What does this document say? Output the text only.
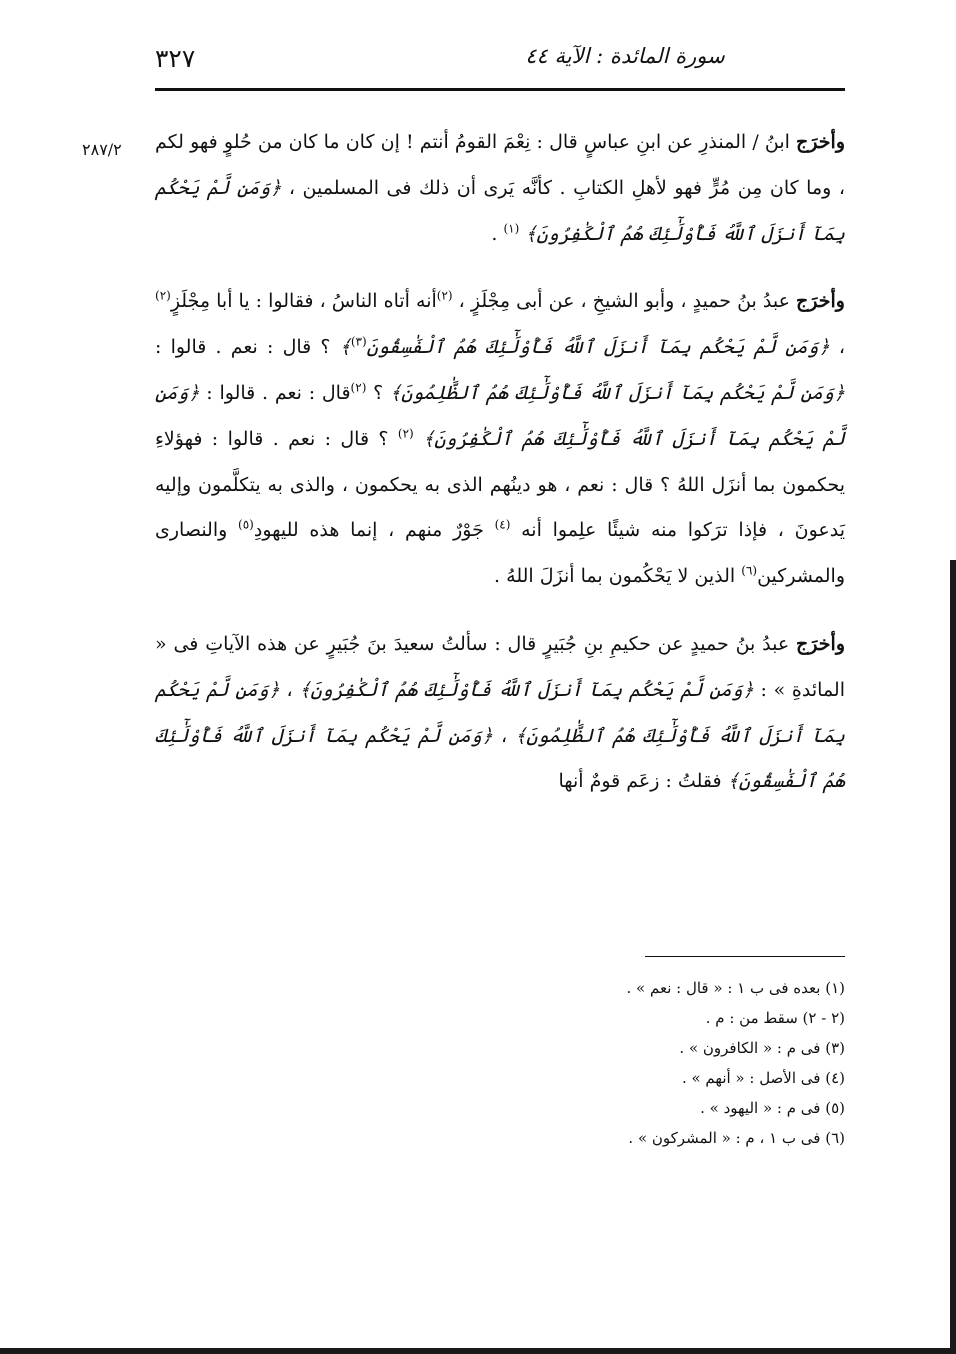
٣٢٧	سورة المائدة : الآية ٤٤
٢٨٧/٢	وأخرَج ابنُ / المنذرِ عن ابنِ عباسٍ قال : نِعْمَ القومُ أنتم ! إن كان ما كان من حُلوٍ فهو لكم ، وما كان مِن مُرٍّ فهو لأهلِ الكتابِ . كأنَّه يَرى أن ذلك فى المسلمين ، ﴿وَمَن لَّمْ يَحْكُم بِمَآ أَنزَلَ ٱللَّهُ فَأُوْلَٰٓئِكَ هُمُ ٱلْكَٰفِرُونَ﴾ $^{(١)}$ .

وأخرَج عبدُ بنُ حميدٍ ، وأبو الشيخِ ، عن أبى مِجْلَزٍ ، $^{(٢)}$أنه أتاه الناسُ ، فقالوا : يا أبا مِجْلَزٍ$^{(٢)}$ ، ﴿وَمَن لَّمْ يَحْكُم بِمَآ أَنزَلَ ٱللَّهُ فَأُوْلَٰٓئِكَ هُمُ ٱلْفَٰسِقُونَ$^{(٣)}$﴾ ؟ قال : نعم . قالوا : ﴿وَمَن لَّمْ يَحْكُم بِمَآ أَنزَلَ ٱللَّهُ فَأُوْلَٰٓئِكَ هُمُ ٱلظَّٰلِمُونَ﴾ ؟ $^{(٢)}$قال : نعم . قالوا : ﴿وَمَن لَّمْ يَحْكُم بِمَآ أَنزَلَ ٱللَّهُ فَأُوْلَٰٓئِكَ هُمُ ٱلْكَٰفِرُونَ﴾ $^{(٢)}$ ؟ قال : نعم . قالوا : فهؤلاءِ يحكمون بما أنزَل اللهُ ؟ قال : نعم ، هو دينُهم الذى به يحكمون ، والذى به يتكلَّمون وإليه يَدعونَ ، فإذا ترَكوا منه شيئًا علِموا أنه $^{(٤)}$ جَوْرٌ منهم ، إنما هذه لليهودِ$^{(٥)}$ والنصارى والمشركين$^{(٦)}$ الذين لا يَحْكُمون بما أنزَلَ اللهُ .

وأخرَج عبدُ بنُ حميدٍ عن حكيمِ بنِ جُبَيرٍ قال : سألتُ سعيدَ بنَ جُبَيرٍ عن هذه الآياتِ فى « المائدةِ » : ﴿وَمَن لَّمْ يَحْكُم بِمَآ أَنزَلَ ٱللَّهُ فَأُوْلَٰٓئِكَ هُمُ ٱلْكَٰفِرُونَ﴾ ، ﴿وَمَن لَّمْ يَحْكُم بِمَآ أَنزَلَ ٱللَّهُ فَأُوْلَٰٓئِكَ هُمُ ٱلظَّٰلِمُونَ﴾ ، ﴿وَمَن لَّمْ يَحْكُم بِمَآ أَنزَلَ ٱللَّهُ فَأُوْلَٰٓئِكَ هُمُ ٱلْفَٰسِقُونَ﴾ فقلتُ : زعَم قومٌ أنها

(١) بعده فى ب ١ : « قال : نعم » .
(٢ - ٢) سقط من : م .
(٣) فى م : « الكافرون » .
(٤) فى الأصل : « أنهم » .
(٥) فى م : « اليهود » .
(٦) فى ب ١ ، م : « المشركون » .
